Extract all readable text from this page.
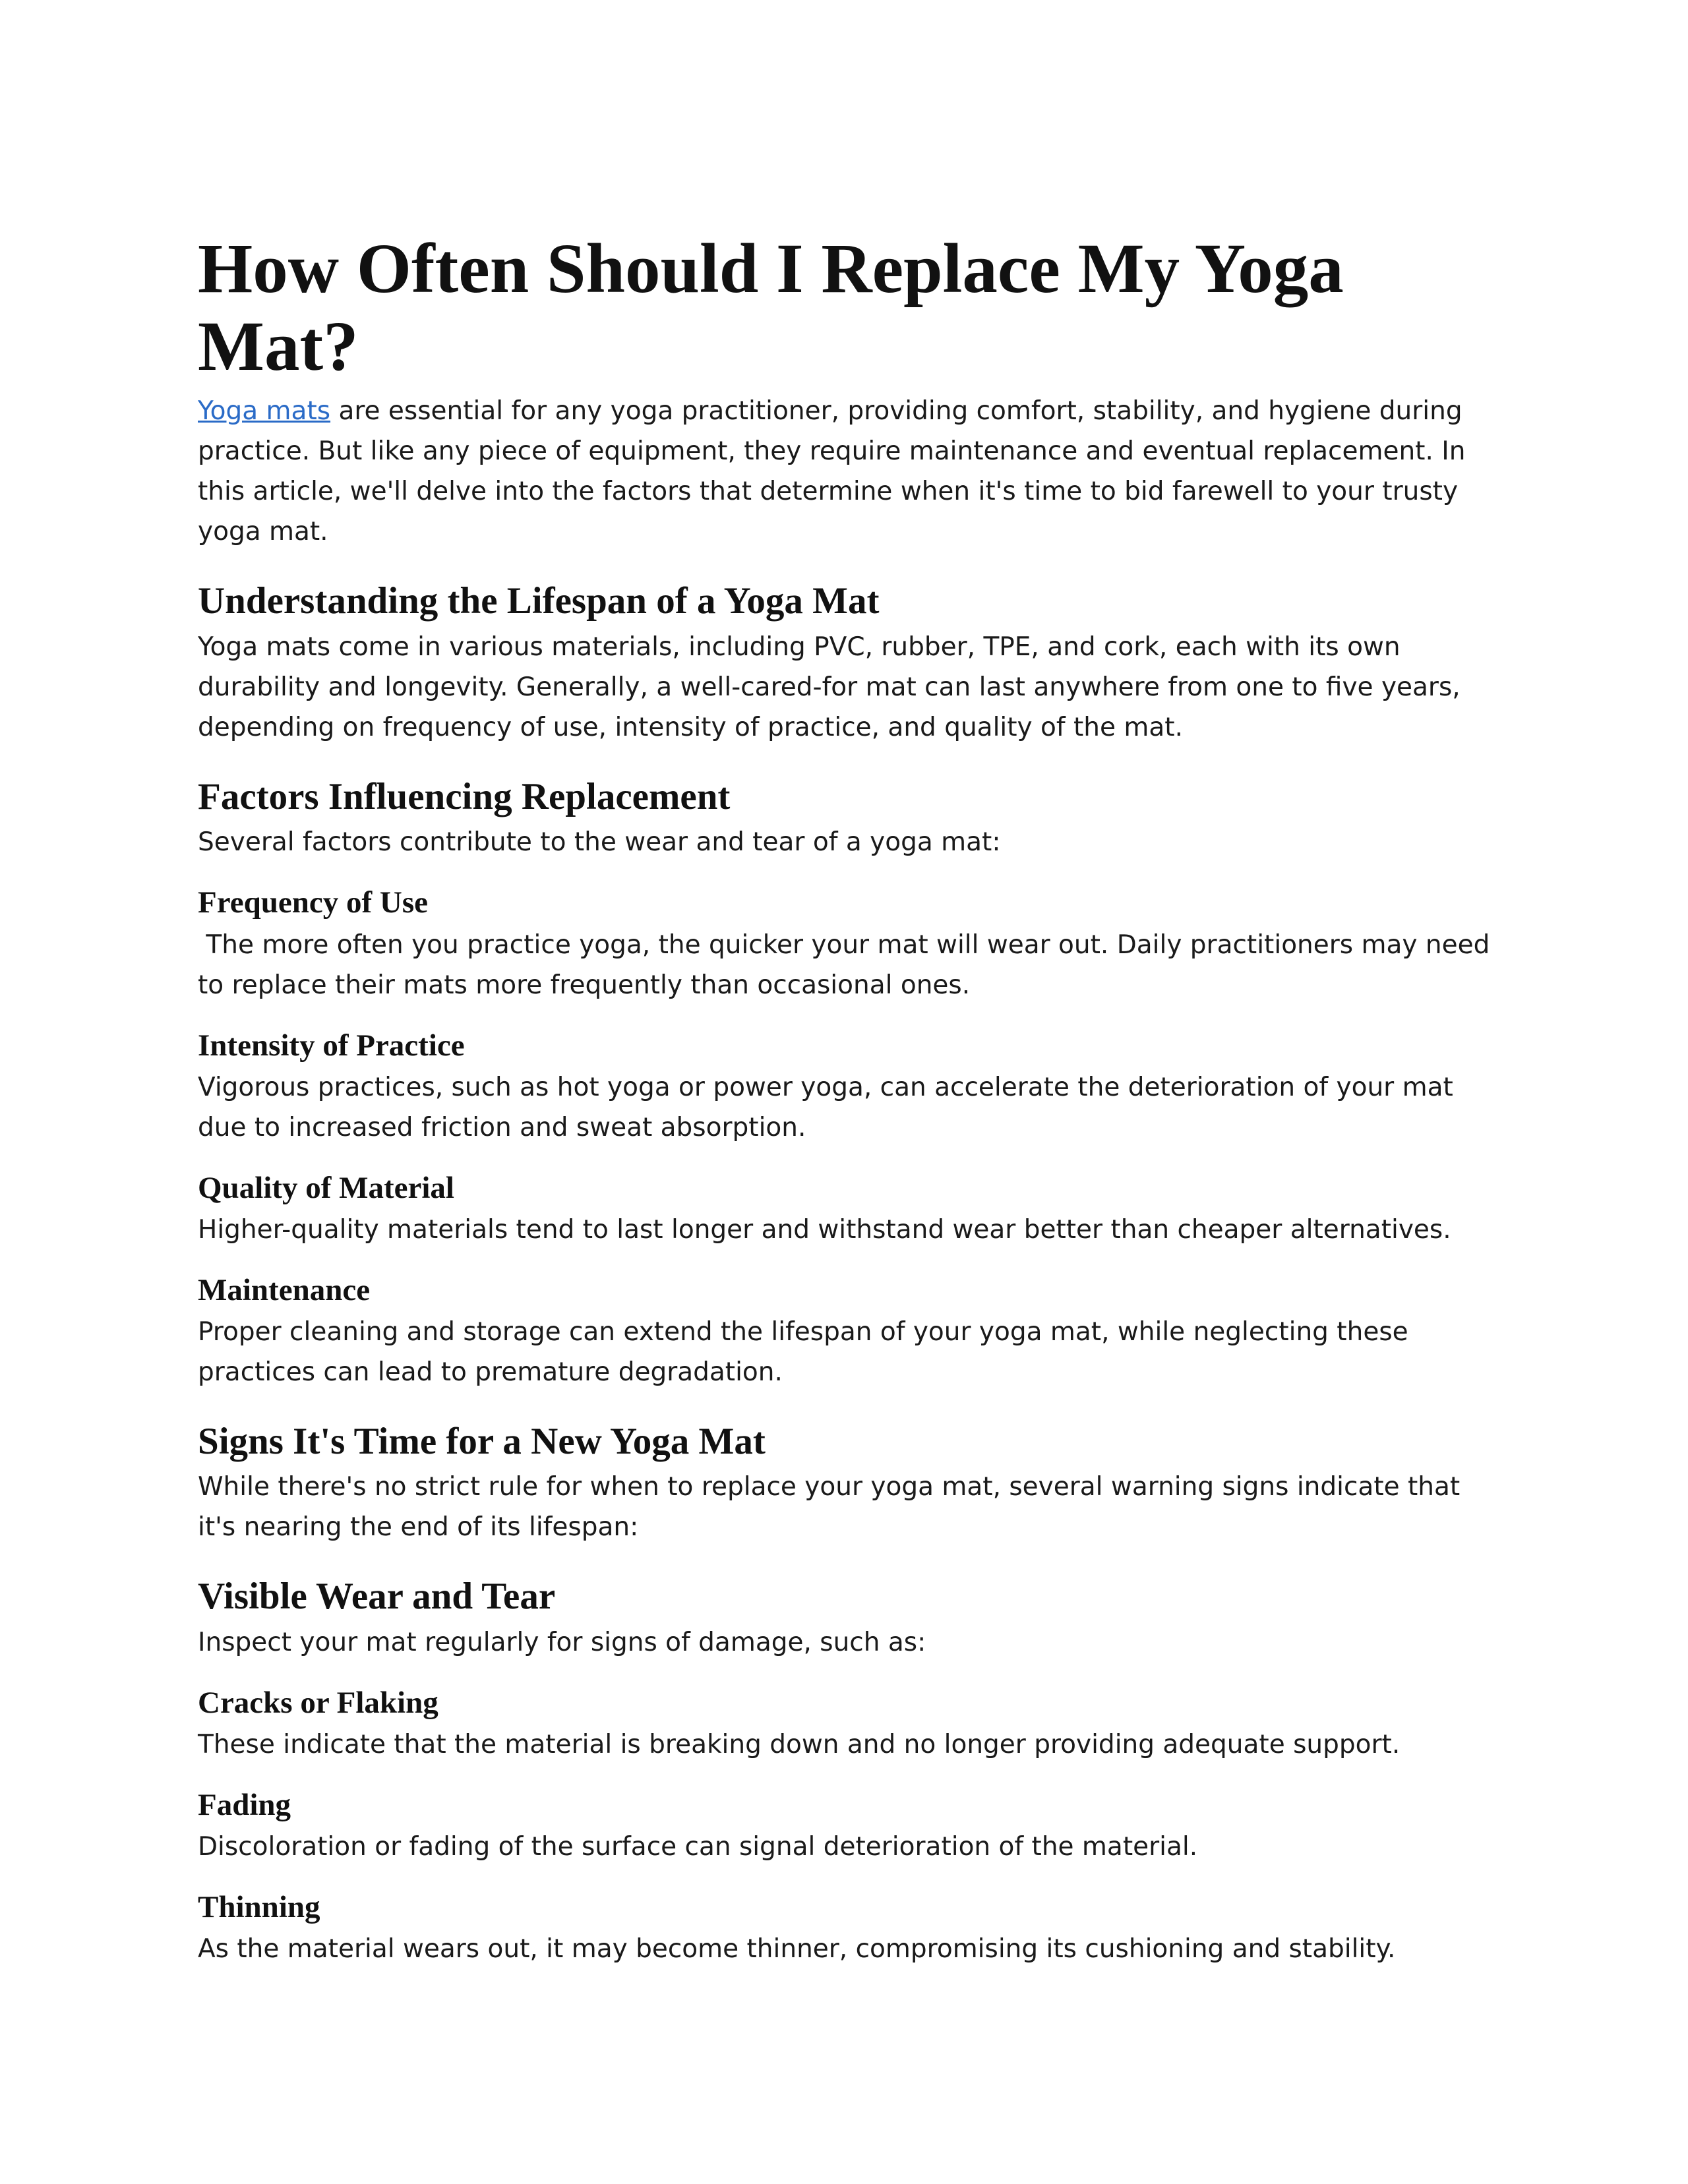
How Often Should I Replace My Yoga Mat?

Yoga mats are essential for any yoga practitioner, providing comfort, stability, and hygiene during practice. But like any piece of equipment, they require maintenance and eventual replacement. In this article, we'll delve into the factors that determine when it's time to bid farewell to your trusty yoga mat.

Understanding the Lifespan of a Yoga Mat

Yoga mats come in various materials, including PVC, rubber, TPE, and cork, each with its own durability and longevity. Generally, a well-cared-for mat can last anywhere from one to five years, depending on frequency of use, intensity of practice, and quality of the mat.

Factors Influencing Replacement

Several factors contribute to the wear and tear of a yoga mat:

Frequency of Use

The more often you practice yoga, the quicker your mat will wear out. Daily practitioners may need to replace their mats more frequently than occasional ones.

Intensity of Practice

Vigorous practices, such as hot yoga or power yoga, can accelerate the deterioration of your mat due to increased friction and sweat absorption.

Quality of Material

Higher-quality materials tend to last longer and withstand wear better than cheaper alternatives.

Maintenance

Proper cleaning and storage can extend the lifespan of your yoga mat, while neglecting these practices can lead to premature degradation.

Signs It's Time for a New Yoga Mat

While there's no strict rule for when to replace your yoga mat, several warning signs indicate that it's nearing the end of its lifespan:

Visible Wear and Tear

Inspect your mat regularly for signs of damage, such as:

Cracks or Flaking

These indicate that the material is breaking down and no longer providing adequate support.

Fading

Discoloration or fading of the surface can signal deterioration of the material.

Thinning

As the material wears out, it may become thinner, compromising its cushioning and stability.
